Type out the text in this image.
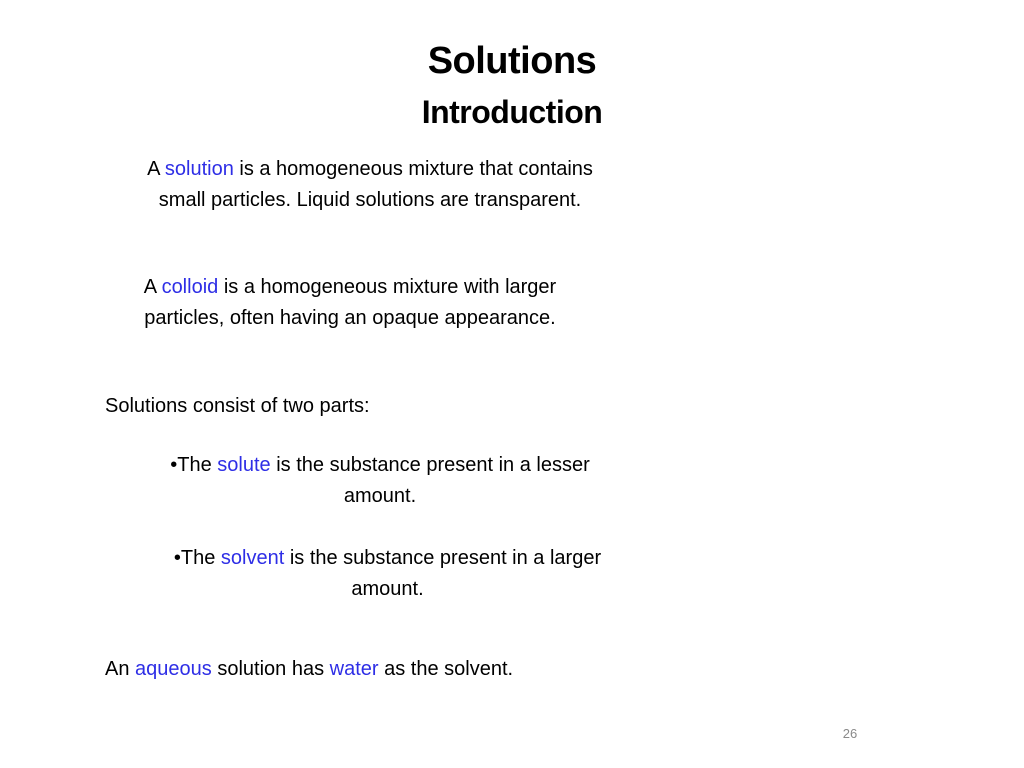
Solutions
Introduction
A solution is a homogeneous mixture that contains
small particles. Liquid solutions are transparent.
A colloid is a homogeneous mixture with larger
particles, often having an opaque appearance.
Solutions consist of two parts:
•The solute is the substance present in a lesser
amount.
•The solvent is the substance present in a larger
amount.
An aqueous solution has water as the solvent.
26
